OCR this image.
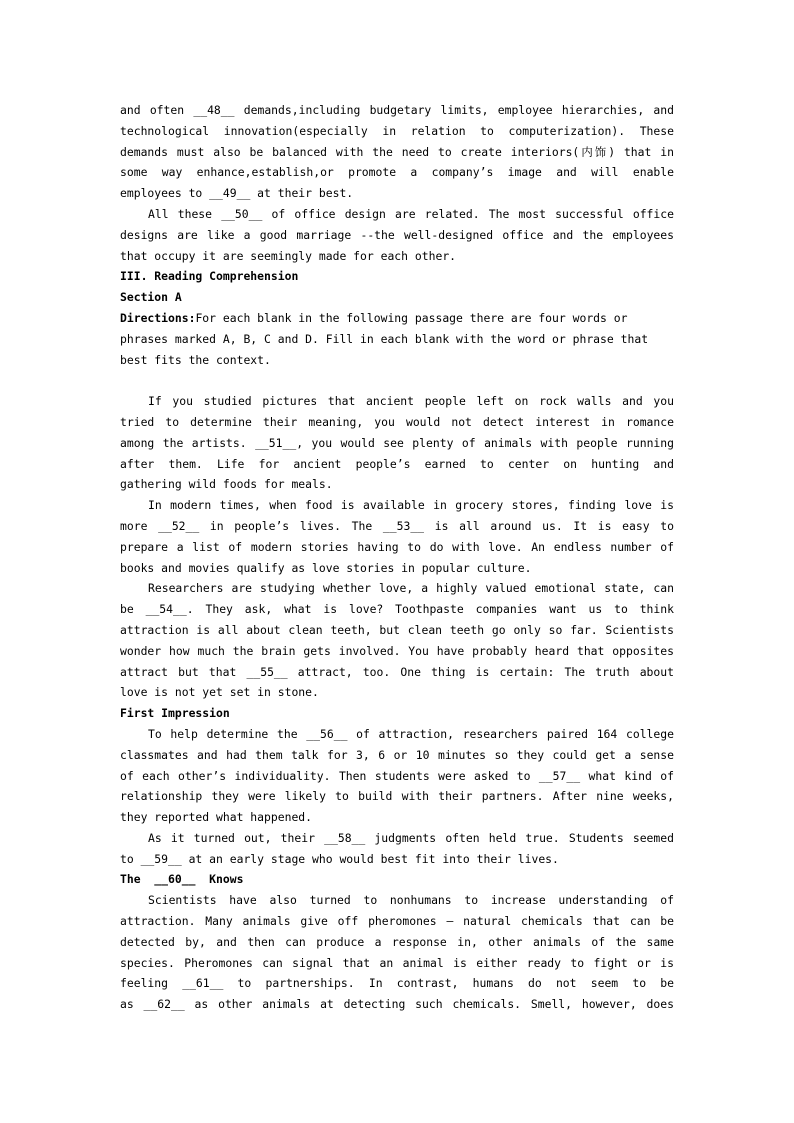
and often __48__ demands,including budgetary limits, employee hierarchies, and
technological innovation(especially in relation to computerization). These
demands must also be balanced with the need to create interiors(内饰) that in
some way enhance,establish,or promote a company’s image and will enable
employees to __49__ at their best.
All these __50__ of office design are related. The most successful office
designs are like a good marriage --the well-designed office and the employees
that occupy it are seemingly made for each other.
III. Reading Comprehension
Section A
Directions:For each blank in the following passage there are four words or
phrases marked A, B, C and D. Fill in each blank with the word or phrase that
best fits the context.
If you studied pictures that ancient people left on rock walls and you
tried to determine their meaning, you would not detect interest in romance
among the artists. __51__, you would see plenty of animals with people running
after them. Life for ancient people’s earned to center on hunting and
gathering wild foods for meals.
In modern times, when food is available in grocery stores, finding love is
more __52__ in people’s lives. The __53__ is all around us. It is easy to
prepare a list of modern stories having to do with love. An endless number of
books and movies qualify as love stories in popular culture.
Researchers are studying whether love, a highly valued emotional state, can
be __54__. They ask, what is love? Toothpaste companies want us to think
attraction is all about clean teeth, but clean teeth go only so far. Scientists
wonder how much the brain gets involved. You have probably heard that opposites
attract but that __55__ attract, too. One thing is certain: The truth about
love is not yet set in stone.
First Impression
To help determine the __56__ of attraction, researchers paired 164 college
classmates and had them talk for 3, 6 or 10 minutes so they could get a sense
of each other’s individuality. Then students were asked to __57__ what kind of
relationship they were likely to build with their partners. After nine weeks,
they reported what happened.
As it turned out, their __58__ judgments often held true. Students seemed
to __59__ at an early stage who would best fit into their lives.
The  __60__  Knows
Scientists have also turned to nonhumans to increase understanding of
attraction. Many animals give off pheromones — natural chemicals that can be
detected by, and then can produce a response in, other animals of the same
species. Pheromones can signal that an animal is either ready to fight or is
feeling __61__ to partnerships. In contrast, humans do not seem to be
as __62__ as other animals at detecting such chemicals. Smell, however, does
